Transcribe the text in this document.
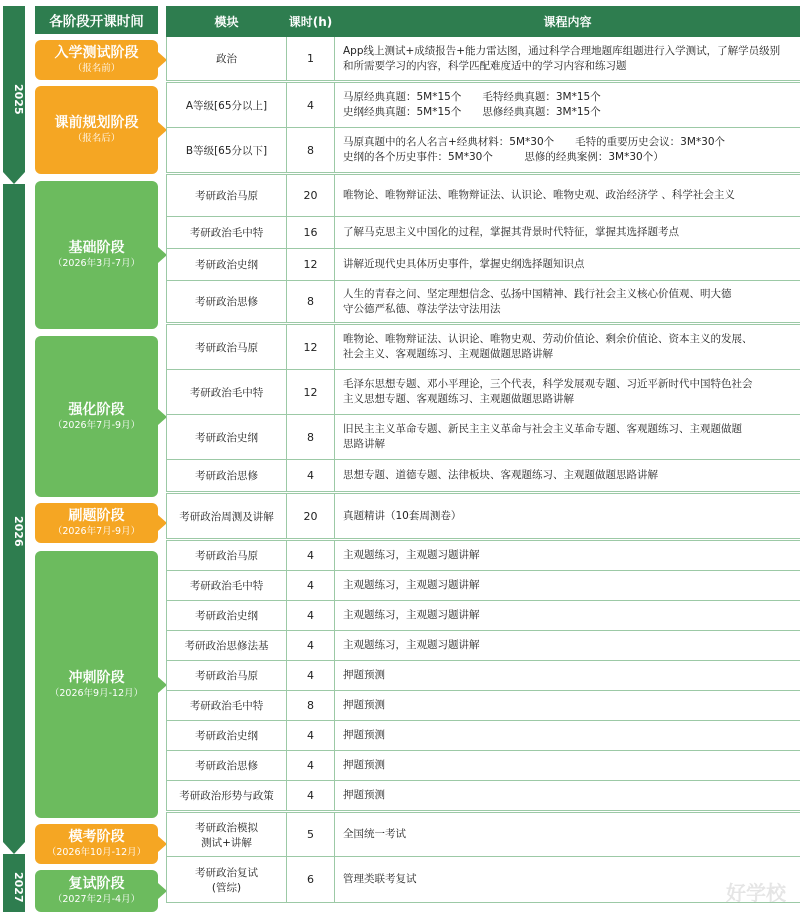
2025
2026
2027
各阶段开课时间
入学测试阶段
（报名前）
课前规划阶段
（报名后）
基础阶段
（2026年3月-7月）
强化阶段
（2026年7月-9月）
刷题阶段
（2026年7月-9月）
冲刺阶段
（2026年9月-12月）
模考阶段
（2026年10月-12月）
复试阶段
（2027年2月-4月）
模块	课时(h)	课程内容

政治	1	App线上测试+成绩报告+能力雷达图，通过科学合理地题库组题进行入学测试，了解学员级别
和所需要学习的内容，科学匹配难度适中的学习内容和练习题

A等级[65分以上]	4	马原经典真题：5M*15个　　毛特经典真题：3M*15个
史纲经典真题：5M*15个　　思修经典真题：3M*15个

B等级[65分以下]	8	马原真题中的名人名言+经典材料：5M*30个　　毛特的重要历史会议：3M*30个
史纲的各个历史事件：5M*30个　　　思修的经典案例：3M*30个）

考研政治马原	20	唯物论、唯物辩证法、唯物辩证法、认识论、唯物史观、政治经济学 、科学社会主义

考研政治毛中特	16	了解马克思主义中国化的过程，掌握其背景时代特征，掌握其选择题考点

考研政治史纲	12	讲解近现代史具体历史事件，掌握史纲选择题知识点

考研政治思修	8	人生的青春之问、坚定理想信念、弘扬中国精神、践行社会主义核心价值观、明大德
守公德严私德、尊法学法守法用法

考研政治马原	12	唯物论、唯物辩证法、认识论、唯物史观、劳动价值论、剩余价值论、资本主义的发展、
社会主义、客观题练习、主观题做题思路讲解

考研政治毛中特	12	毛泽东思想专题、邓小平理论，三个代表，科学发展观专题、习近平新时代中国特色社会
主义思想专题、客观题练习、主观题做题思路讲解

考研政治史纲	8	旧民主主义革命专题、新民主主义革命与社会主义革命专题、客观题练习、主观题做题
思路讲解

考研政治思修	4	思想专题、道德专题、法律板块、客观题练习、主观题做题思路讲解

考研政治周测及讲解	20	真题精讲（10套周测卷）

考研政治马原	4	主观题练习，主观题习题讲解

考研政治毛中特	4	主观题练习，主观题习题讲解

考研政治史纲	4	主观题练习，主观题习题讲解

考研政治思修法基	4	主观题练习，主观题习题讲解

考研政治马原	4	押题预测

考研政治毛中特	8	押题预测

考研政治史纲	4	押题预测

考研政治思修	4	押题预测

考研政治形势与政策	4	押题预测

考研政治模拟
测试+讲解	5	全国统一考试

考研政治复试
(管综)	6	管理类联考复试
好学校
